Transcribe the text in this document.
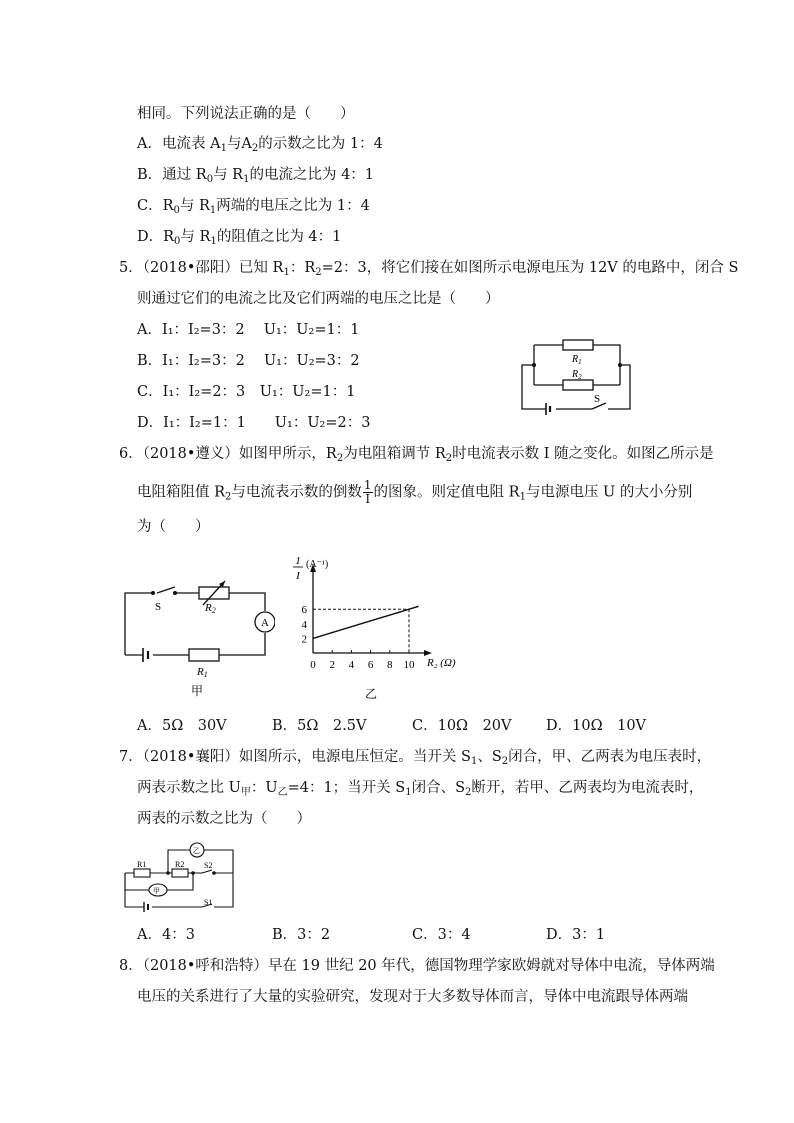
相同。下列说法正确的是（　　）
A．电流表 $A_1$与$A_2$的示数之比为 1：4
B．通过 $R_0$与 $R_1$的电流之比为 4：1
C．$R_0$与 $R_1$两端的电压之比为 1：4
D．$R_0$与 $R_1$的阻值之比为 4：1
5．（2018•邵阳）已知 $R_1$：$R_2=2$：3，将它们接在如图所示电源电压为 12V 的电路中，闭合 S
则通过它们的电流之比及它们两端的电压之比是（　　）
A．I₁：I₂=3：2　 U₁：U₂=1：1
B．I₁：I₂=3：2　 U₁：U₂=3：2
C．I₁：I₂=2：3　U₁：U₂=1：1
D．I₁：I₂=1：1　　U₁：U₂=2：3
$R_1$
$R_2$
S
6．（2018•遵义）如图甲所示，$R_2$为电阻箱调节 $R_2$时电流表示数 I 随之变化。如图乙所示是
电阻箱阻值 $R_2$与电流表示数的倒数 $\frac{1}{I}$ 的图象。则定值电阻 $R_1$与电源电压 U 的大小分别
为（　　）
S	R2
A
R1
甲
1
I
(A⁻¹)
R₂ (Ω)
乙
0 2 4 6 8 10
2
4
6
A．5Ω　30V	B．5Ω　2.5V	C．10Ω　20V D．10Ω　10V
7．（2018•襄阳）如图所示，电源电压恒定。当开关 $S_1$、$S_2$闭合，甲、乙两表为电压表时，
两表示数之比 $U_甲$：$U_乙=4$：1；当开关 $S_1$闭合、$S_2$断开，若甲、乙两表均为电流表时，
两表的示数之比为（　　）
R1	R2 S2
S1
甲
乙
A．4：3	B．3：2	C．3：4	D．3：1
8．（2018•呼和浩特）早在 19 世纪 20 年代，德国物理学家欧姆就对导体中电流，导体两端
电压的关系进行了大量的实验研究，发现对于大多数导体而言，导体中电流跟导体两端
